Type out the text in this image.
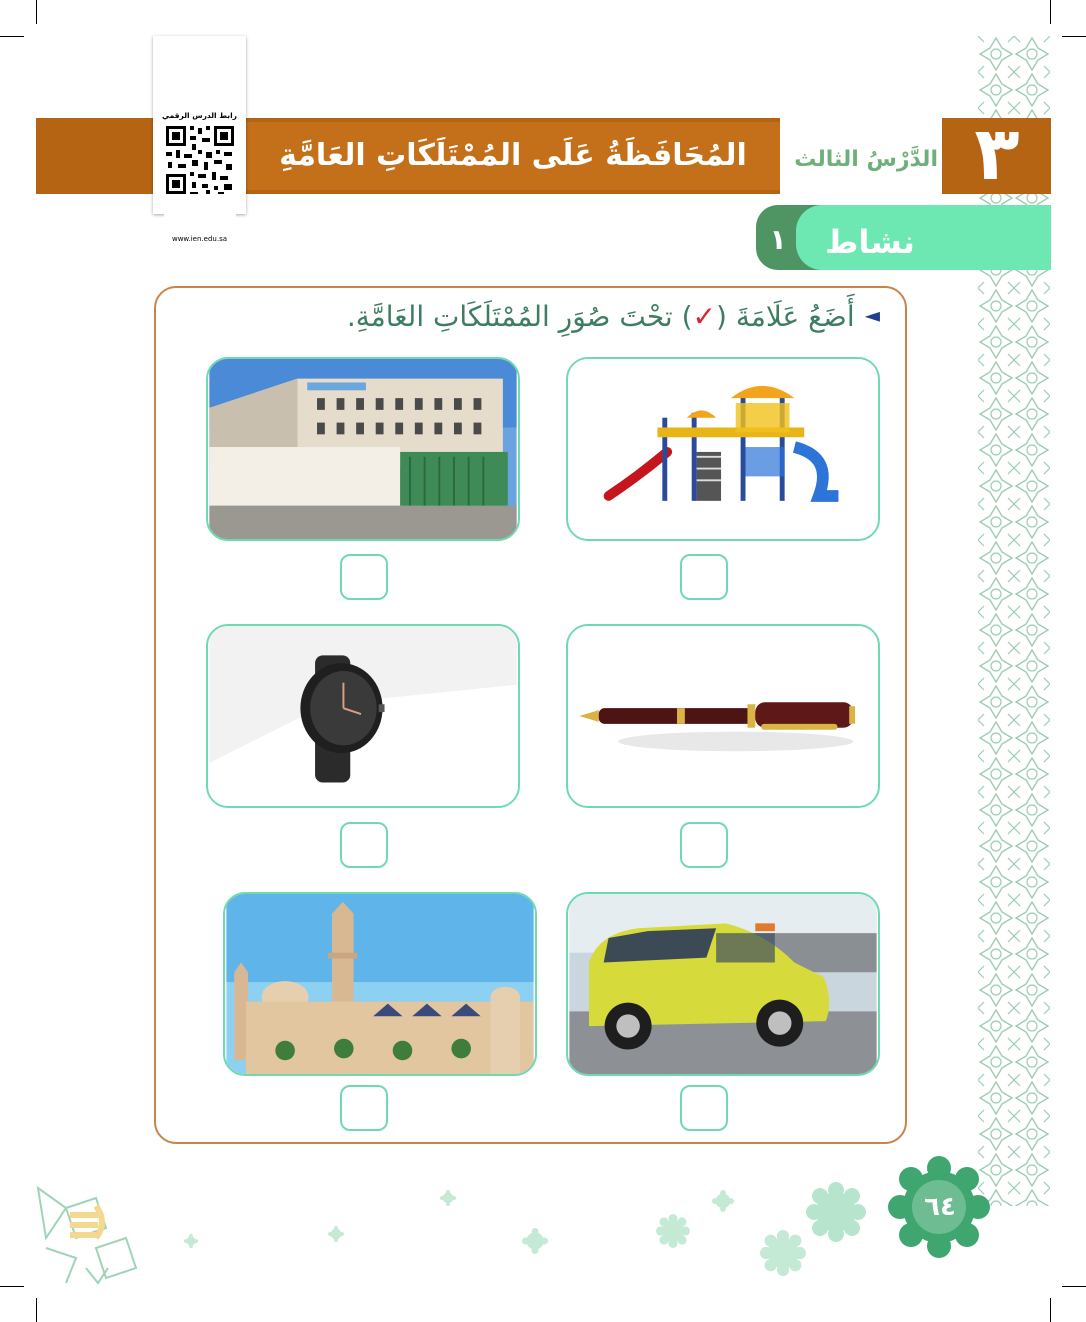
المُحَافَظَةُ عَلَى المُمْتَلَكَاتِ العَامَّةِ	الدَّرْسُ الثالث ٣
رابط الدرس الرقمي
www.ien.edu.sa	نشاط
١
◄أَضَعُ عَلَامَةَ (✓) تحْتَ صُوَرِ المُمْتَلَكَاتِ العَامَّةِ.
٦٤
